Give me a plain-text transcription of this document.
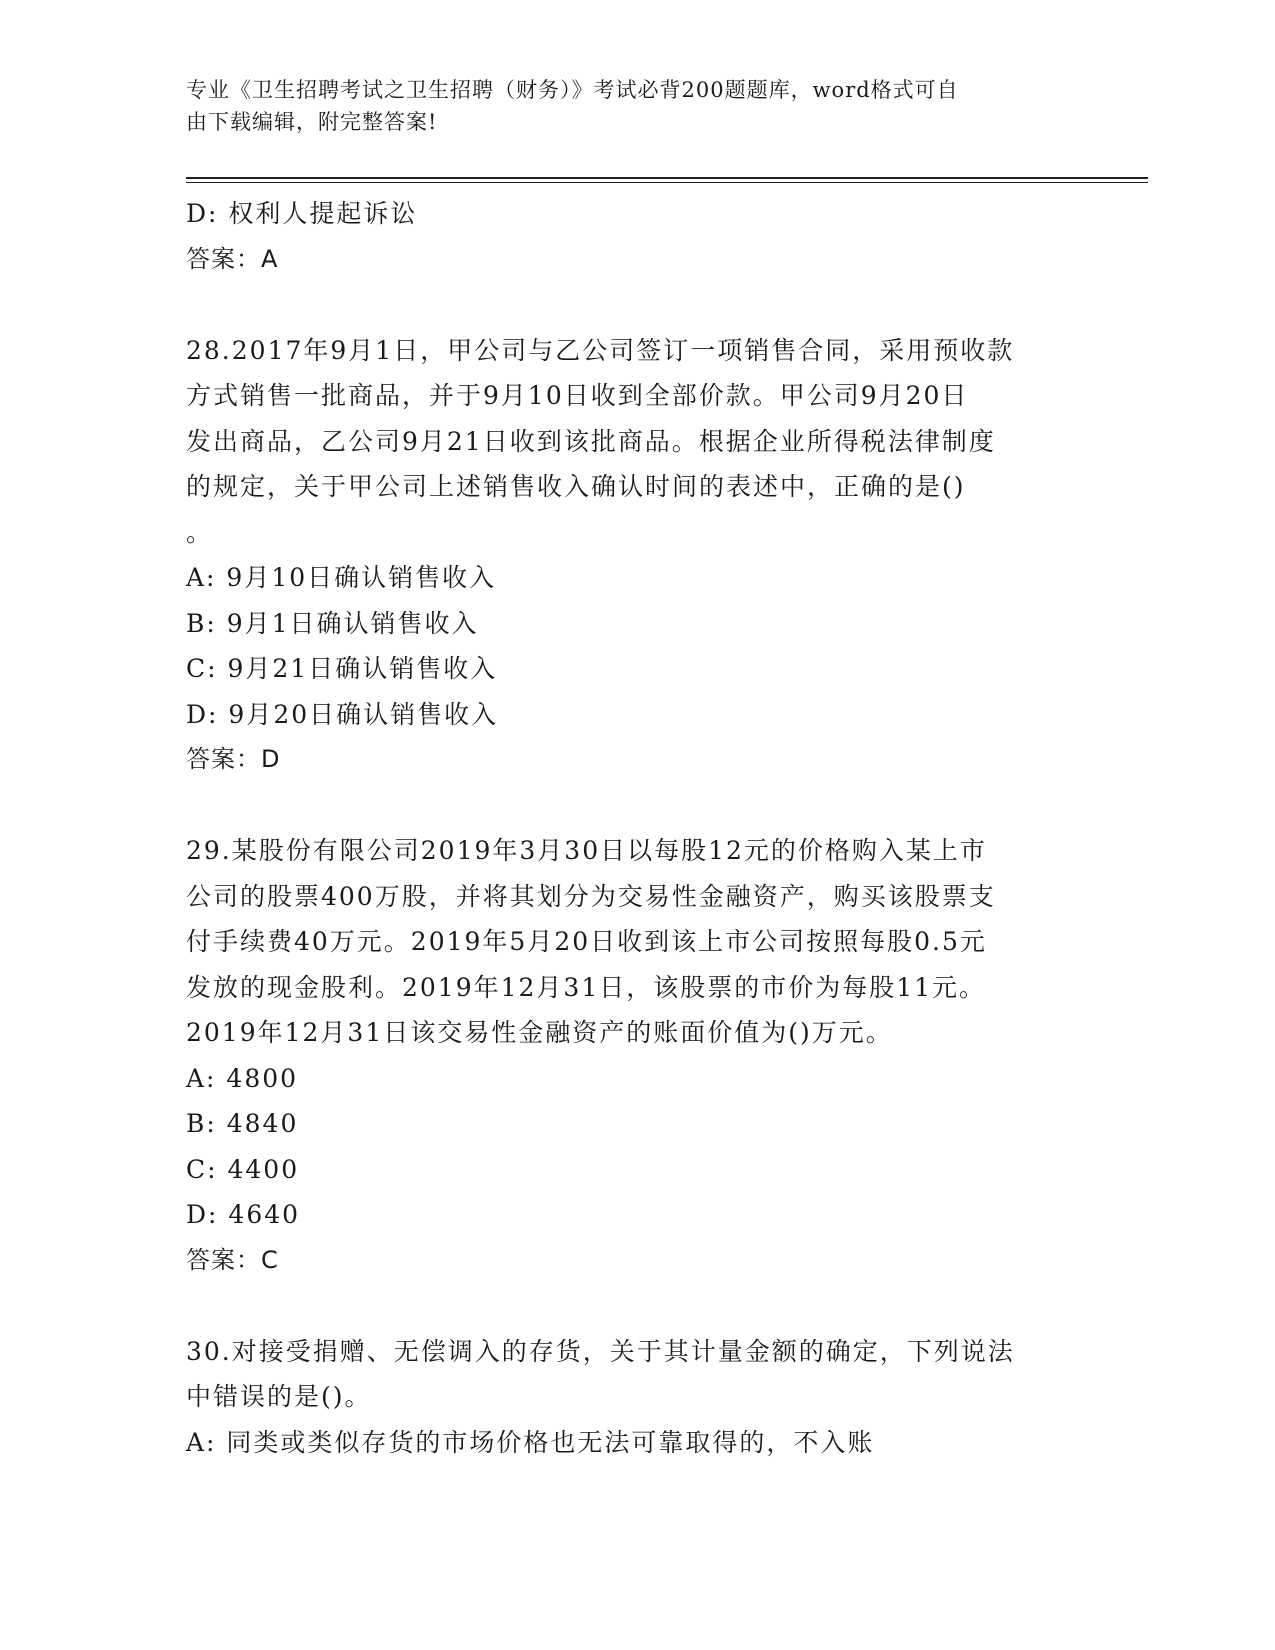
专业《卫生招聘考试之卫生招聘（财务）》考试必背200题题库，word格式可自
由下载编辑，附完整答案!
D: 权利人提起诉讼
答案：A
28.2017年9月1日，甲公司与乙公司签订一项销售合同，采用预收款
方式销售一批商品，并于9月10日收到全部价款。甲公司9月20日
发出商品，乙公司9月21日收到该批商品。根据企业所得税法律制度
的规定，关于甲公司上述销售收入确认时间的表述中，正确的是()
。
A: 9月10日确认销售收入
B: 9月1日确认销售收入
C: 9月21日确认销售收入
D: 9月20日确认销售收入
答案：D
29.某股份有限公司2019年3月30日以每股12元的价格购入某上市
公司的股票400万股，并将其划分为交易性金融资产，购买该股票支
付手续费40万元。2019年5月20日收到该上市公司按照每股0.5元
发放的现金股利。2019年12月31日，该股票的市价为每股11元。
2019年12月31日该交易性金融资产的账面价值为()万元。
A: 4800
B: 4840
C: 4400
D: 4640
答案：C
30.对接受捐赠、无偿调入的存货，关于其计量金额的确定，下列说法
中错误的是()。
A: 同类或类似存货的市场价格也无法可靠取得的，不入账
